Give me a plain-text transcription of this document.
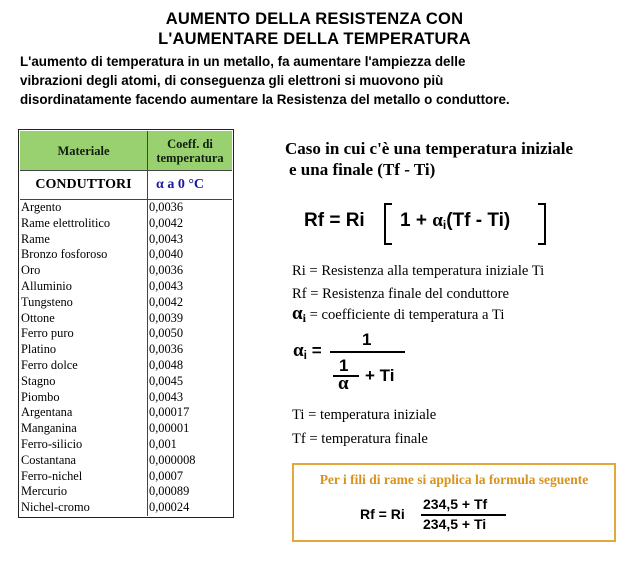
AUMENTO DELLA RESISTENZA CON
L'AUMENTARE DELLA TEMPERATURA
L'aumento di temperatura in un metallo, fa aumentare l'ampiezza delle
vibrazioni degli atomi, di conseguenza gli elettroni si muovono più
disordinatamente facendo aumentare la Resistenza del metallo o conduttore.
Materiale	Coeff. di
temperatura
CONDUTTORI	α a 0 °C
Argento	0,0036
Rame elettrolitico	0,0042
Rame	0,0043
Bronzo fosforoso	0,0040
Oro	0,0036
Alluminio	0,0043
Tungsteno	0,0042
Ottone	0,0039
Ferro puro	0,0050
Platino	0,0036
Ferro dolce	0,0048
Stagno	0,0045
Piombo	0,0043
Argentana	0,00017
Manganina	0,00001
Ferro-silicio	0,001
Costantana	0,000008
Ferro-nichel	0,0007
Mercurio	0,00089
Nichel-cromo	0,00024
Caso in cui c'è una temperatura iniziale
e una finale (Tf - Ti)
Rf = Ri $1 + \alpha_i(Tf - Ti)$
Ri = Resistenza alla temperatura iniziale Ti
Rf = Resistenza finale del conduttore
$\alpha_i$ = coefficiente di temperatura a Ti
$\alpha_i$ =
1
1
α + Ti
Ti = temperatura iniziale
Tf = temperatura finale
Per i fili di rame si applica la formula seguente
Rf = Ri
234,5 + Tf
234,5 + Ti
